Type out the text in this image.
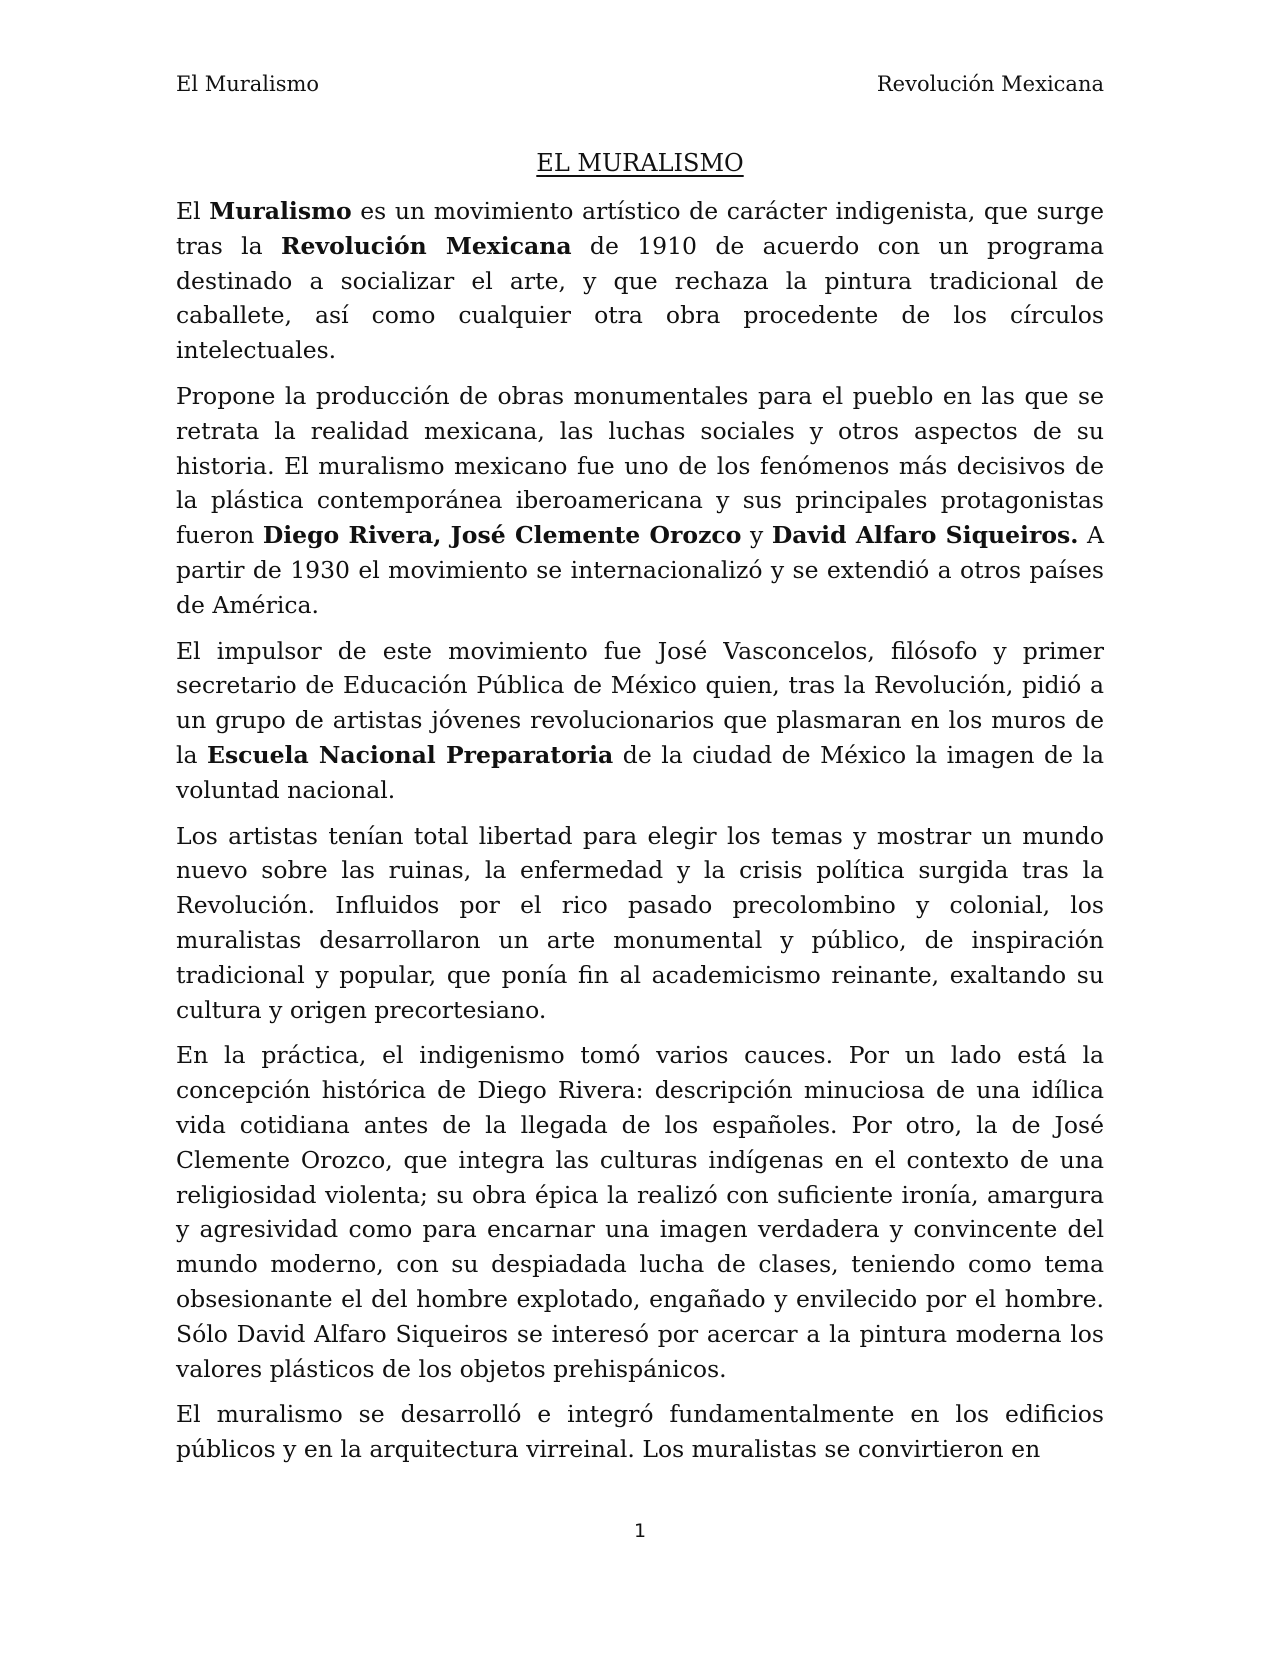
El Muralismo	Revolución Mexicana
EL MURALISMO

El Muralismo es un movimiento artístico de carácter indigenista, que surge tras la Revolución Mexicana de 1910 de acuerdo con un programa destinado a socializar el arte, y que rechaza la pintura tradicional de caballete, así como cualquier otra obra procedente de los círculos intelectuales.

Propone la producción de obras monumentales para el pueblo en las que se retrata la realidad mexicana, las luchas sociales y otros aspectos de su historia. El muralismo mexicano fue uno de los fenómenos más decisivos de la plástica contemporánea iberoamericana y sus principales protagonistas fueron Diego Rivera, José Clemente Orozco y David Alfaro Siqueiros. A partir de 1930 el movimiento se internacionalizó y se extendió a otros países de América.

El impulsor de este movimiento fue José Vasconcelos, filósofo y primer secretario de Educación Pública de México quien, tras la Revolución, pidió a un grupo de artistas jóvenes revolucionarios que plasmaran en los muros de la Escuela Nacional Preparatoria de la ciudad de México la imagen de la voluntad nacional.

Los artistas tenían total libertad para elegir los temas y mostrar un mundo nuevo sobre las ruinas, la enfermedad y la crisis política surgida tras la Revolución. Influidos por el rico pasado precolombino y colonial, los muralistas desarrollaron un arte monumental y público, de inspiración tradicional y popular, que ponía fin al academicismo reinante, exaltando su cultura y origen precortesiano.

En la práctica, el indigenismo tomó varios cauces. Por un lado está la concepción histórica de Diego Rivera: descripción minuciosa de una idílica vida cotidiana antes de la llegada de los españoles. Por otro, la de José Clemente Orozco, que integra las culturas indígenas en el contexto de una religiosidad violenta; su obra épica la realizó con suficiente ironía, amargura y agresividad como para encarnar una imagen verdadera y convincente del mundo moderno, con su despiadada lucha de clases, teniendo como tema obsesionante el del hombre explotado, engañado y envilecido por el hombre. Sólo David Alfaro Siqueiros se interesó por acercar a la pintura moderna los valores plásticos de los objetos prehispánicos.

El muralismo se desarrolló e integró fundamentalmente en los edificios públicos y en la arquitectura virreinal. Los muralistas se convirtieron en

1
